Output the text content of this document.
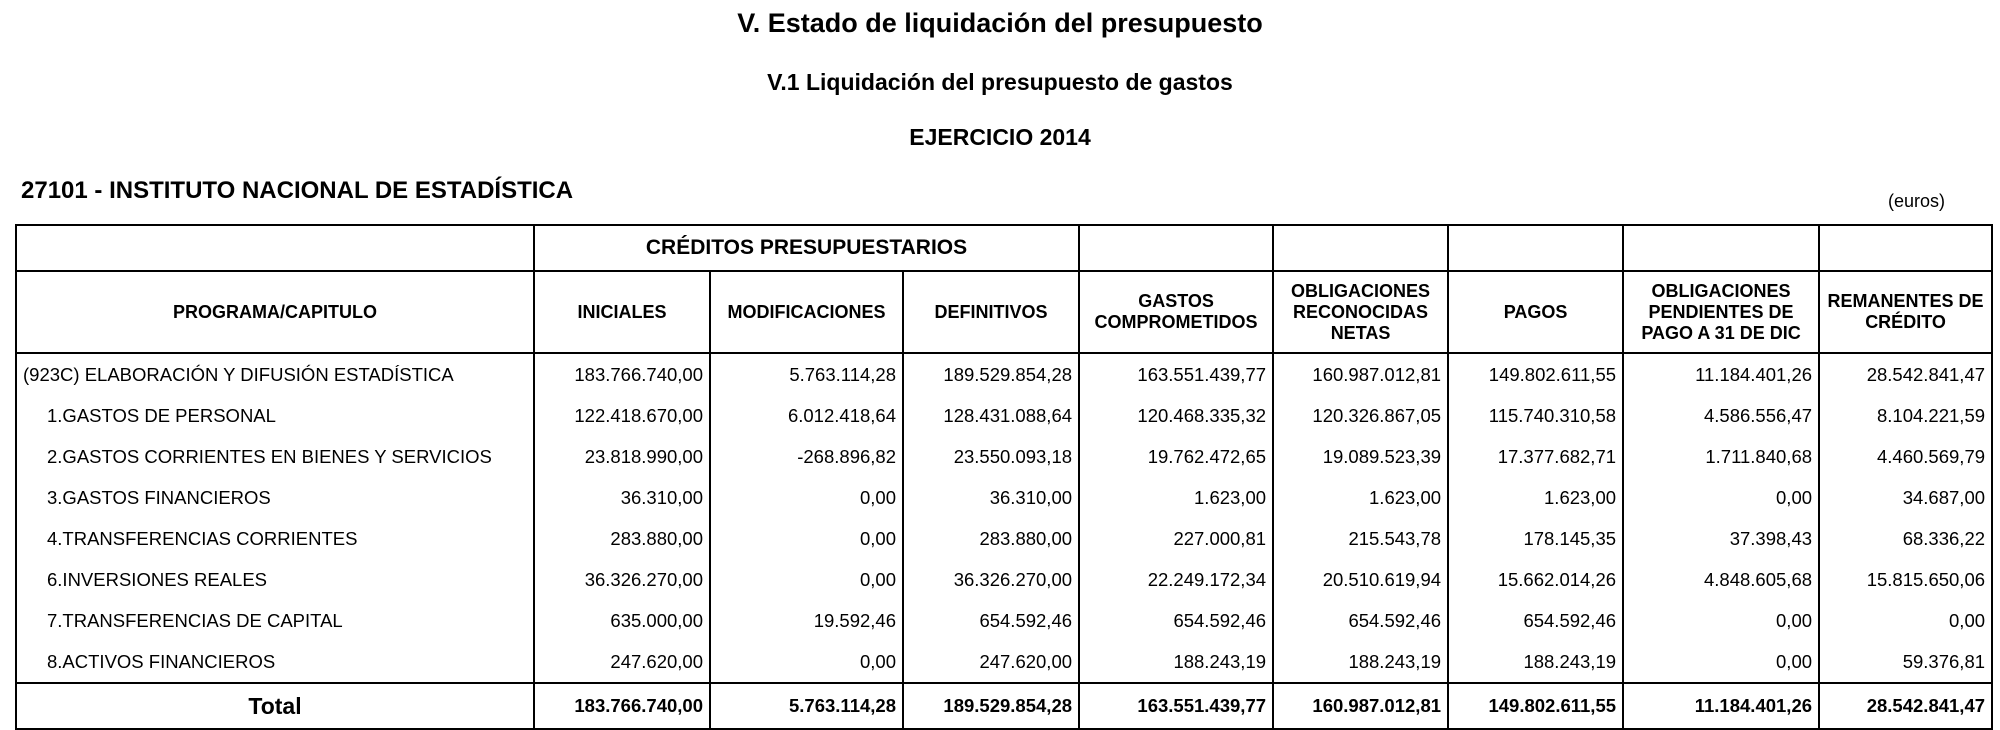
V. Estado de liquidación del presupuesto
V.1 Liquidación del presupuesto de gastos
EJERCICIO 2014
27101 - INSTITUTO NACIONAL DE ESTADÍSTICA	(euros)
	CRÉDITOS PRESUPUESTARIOS							
PROGRAMA/CAPITULO	INICIALES	MODIFICACIONES	DEFINITIVOS	GASTOS COMPROMETIDOS	OBLIGACIONES RECONOCIDAS NETAS	PAGOS	OBLIGACIONES PENDIENTES DE PAGO A 31 DE DIC	REMANENTES DE CRÉDITO
(923C) ELABORACIÓN Y DIFUSIÓN ESTADÍSTICA	183.766.740,00	5.763.114,28	189.529.854,28	163.551.439,77	160.987.012,81	149.802.611,55	11.184.401,26	28.542.841,47
1.GASTOS DE PERSONAL	122.418.670,00	6.012.418,64	128.431.088,64	120.468.335,32	120.326.867,05	115.740.310,58	4.586.556,47	8.104.221,59
2.GASTOS CORRIENTES EN BIENES Y SERVICIOS	23.818.990,00	-268.896,82	23.550.093,18	19.762.472,65	19.089.523,39	17.377.682,71	1.711.840,68	4.460.569,79
3.GASTOS FINANCIEROS	36.310,00	0,00	36.310,00	1.623,00	1.623,00	1.623,00	0,00	34.687,00
4.TRANSFERENCIAS CORRIENTES	283.880,00	0,00	283.880,00	227.000,81	215.543,78	178.145,35	37.398,43	68.336,22
6.INVERSIONES REALES	36.326.270,00	0,00	36.326.270,00	22.249.172,34	20.510.619,94	15.662.014,26	4.848.605,68	15.815.650,06
7.TRANSFERENCIAS DE CAPITAL	635.000,00	19.592,46	654.592,46	654.592,46	654.592,46	654.592,46	0,00	0,00
8.ACTIVOS FINANCIEROS	247.620,00	0,00	247.620,00	188.243,19	188.243,19	188.243,19	0,00	59.376,81
Total	183.766.740,00	5.763.114,28	189.529.854,28	163.551.439,77	160.987.012,81	149.802.611,55	11.184.401,26	28.542.841,47
